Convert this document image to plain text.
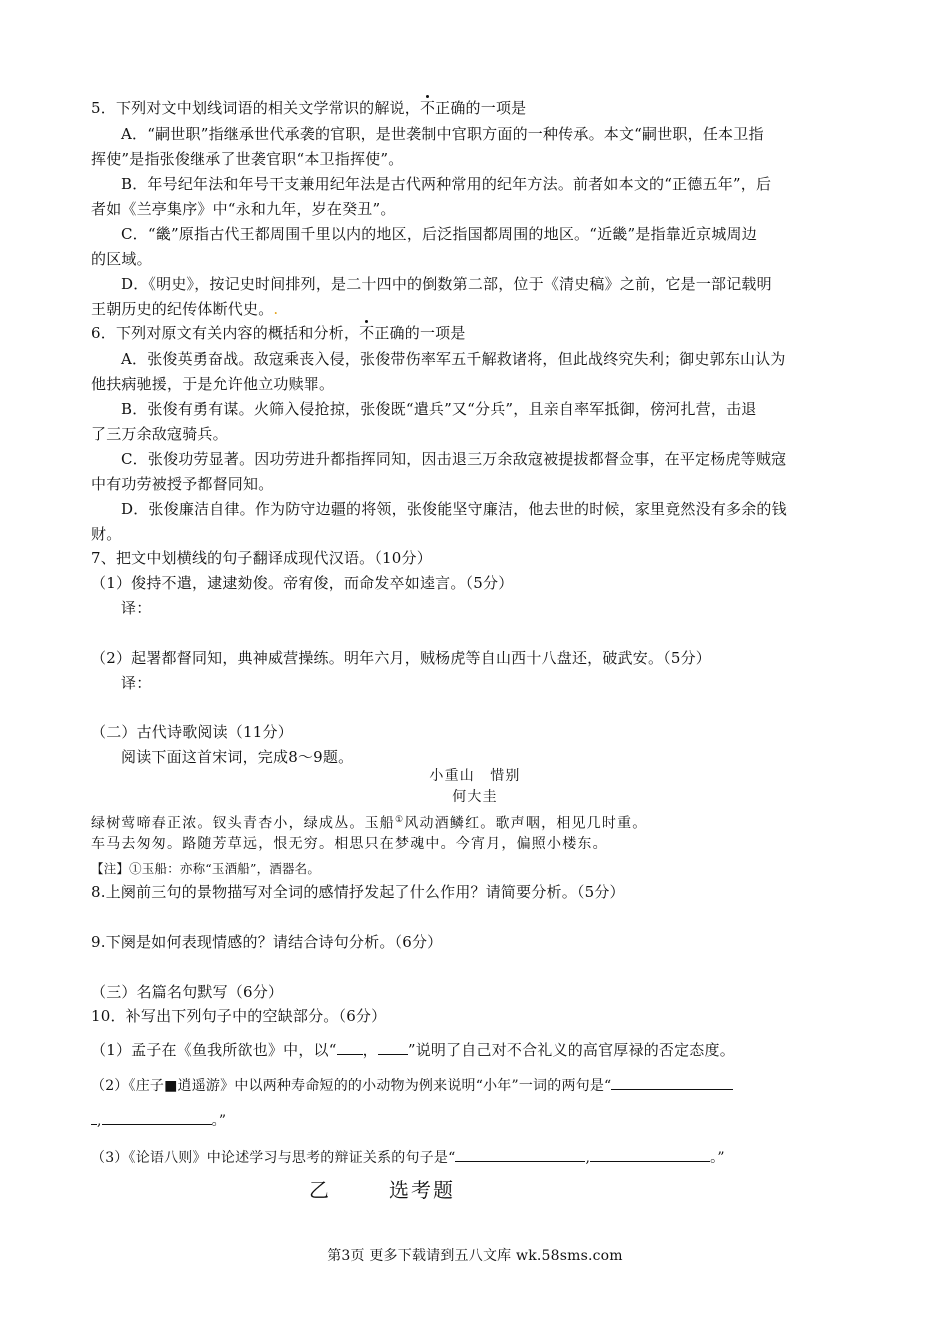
5．下列对文中划线词语的相关文学常识的解说，不正确的一项是
A．“嗣世职”指继承世代承袭的官职，是世袭制中官职方面的一种传承。本文“嗣世职，任本卫指
挥使”是指张俊继承了世袭官职“本卫指挥使”。
B．年号纪年法和年号干支兼用纪年法是古代两种常用的纪年方法。前者如本文的“正德五年”，后
者如《兰亭集序》中“永和九年，岁在癸丑”。
C．“畿”原指古代王都周围千里以内的地区，后泛指国都周围的地区。“近畿”是指靠近京城周边
的区域。
D．《明史》，按记史时间排列，是二十四中的倒数第二部，位于《清史稿》之前，它是一部记载明
王朝历史的纪传体断代史。.
6．下列对原文有关内容的概括和分析，不正确的一项是
A．张俊英勇奋战。敌寇乘丧入侵，张俊带伤率军五千解救诸将，但此战终究失利；御史郭东山认为
他扶病驰援，于是允许他立功赎罪。
B．张俊有勇有谋。火筛入侵抢掠，张俊既“遣兵”又“分兵”，且亲自率军抵御，傍河扎营，击退
了三万余敌寇骑兵。
C．张俊功劳显著。因功劳进升都指挥同知，因击退三万余敌寇被提拔都督佥事，在平定杨虎等贼寇
中有功劳被授予都督同知。
D．张俊廉洁自律。作为防守边疆的将领，张俊能坚守廉洁，他去世的时候，家里竟然没有多余的钱
财。
7、把文中划横线的句子翻译成现代汉语。（10分）
（1）俊持不遣，逮逮劾俊。帝宥俊，而命发卒如逵言。（5分）
译：
（2）起署都督同知，典神威营操练。明年六月，贼杨虎等自山西十八盘还，破武安。（5分）
译：
（二）古代诗歌阅读（11分）
阅读下面这首宋词，完成8～9题。
小重山　惜别
何大圭
绿树莺啼春正浓。钗头青杏小，绿成丛。玉船①风动酒鳞红。歌声咽，相见几时重。
车马去匆匆。路随芳草远，恨无穷。相思只在梦魂中。今宵月，偏照小楼东。
【注】①玉船：亦称“玉酒船”，酒器名。
8.上阕前三句的景物描写对全词的感情抒发起了什么作用？请简要分析。（5分）
9.下阕是如何表现情感的？请结合诗句分析。（6分）
（三）名篇名句默写（6分）
10．补写出下列句子中的空缺部分。（6分）
（1）孟子在《鱼我所欲也》中，以“ ， ”说明了自己对不合礼义的高官厚禄的否定态度。
（2）《庄子■逍遥游》中以两种寿命短的的小动物为例来说明“小年”一词的两句是“
,	。”
（3）《论语八则》中论述学习与思考的辩证关系的句子是“	,	。”
乙	选考题
第3页 更多下载请到五八文库 wk.58sms.com
